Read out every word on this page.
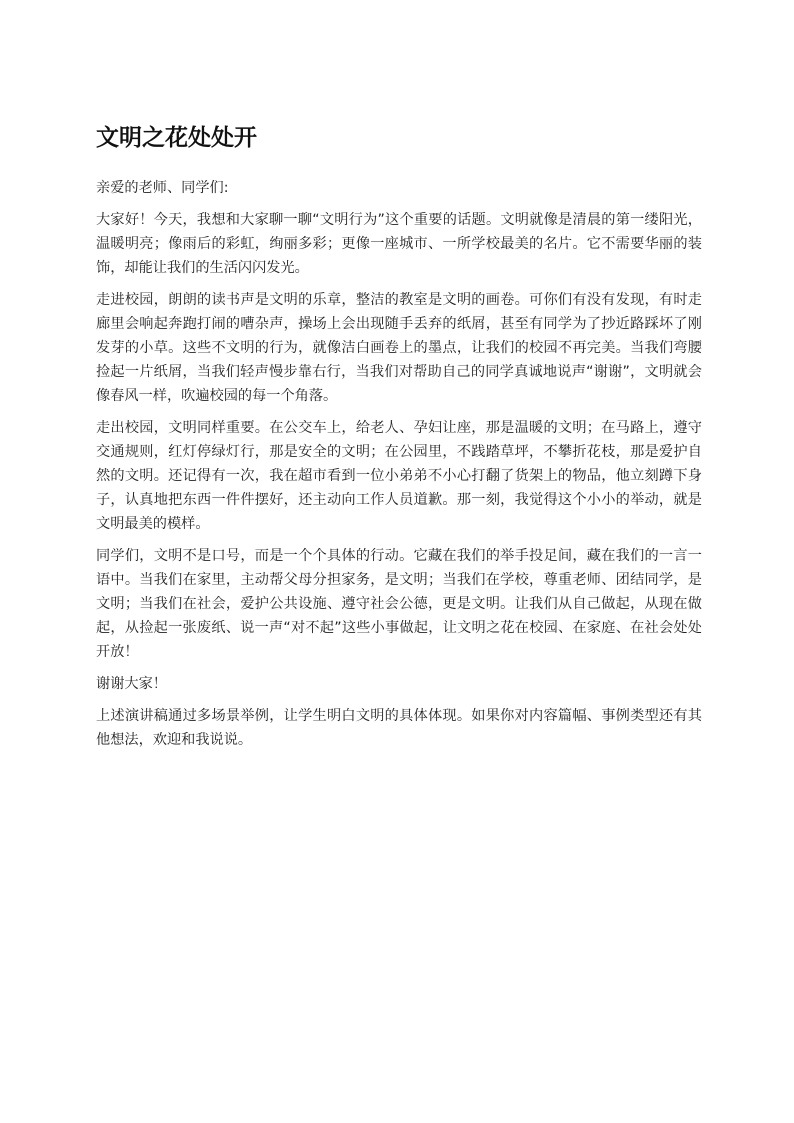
文明之花处处开

亲爱的老师、同学们:

大家好！今天，我想和大家聊一聊“文明行为”这个重要的话题。文明就像是清晨的第一缕阳光，温暖明亮；像雨后的彩虹，绚丽多彩；更像一座城市、一所学校最美的名片。它不需要华丽的装饰，却能让我们的生活闪闪发光。

走进校园，朗朗的读书声是文明的乐章，整洁的教室是文明的画卷。可你们有没有发现，有时走廊里会响起奔跑打闹的嘈杂声，操场上会出现随手丢弃的纸屑，甚至有同学为了抄近路踩坏了刚发芽的小草。这些不文明的行为，就像洁白画卷上的墨点，让我们的校园不再完美。当我们弯腰捡起一片纸屑，当我们轻声慢步靠右行，当我们对帮助自己的同学真诚地说声“谢谢”，文明就会像春风一样，吹遍校园的每一个角落。

走出校园，文明同样重要。在公交车上，给老人、孕妇让座，那是温暖的文明；在马路上，遵守交通规则，红灯停绿灯行，那是安全的文明；在公园里，不践踏草坪，不攀折花枝，那是爱护自然的文明。还记得有一次，我在超市看到一位小弟弟不小心打翻了货架上的物品，他立刻蹲下身子，认真地把东西一件件摆好，还主动向工作人员道歉。那一刻，我觉得这个小小的举动，就是文明最美的模样。

同学们，文明不是口号，而是一个个具体的行动。它藏在我们的举手投足间，藏在我们的一言一语中。当我们在家里，主动帮父母分担家务，是文明；当我们在学校，尊重老师、团结同学，是文明；当我们在社会，爱护公共设施、遵守社会公德，更是文明。让我们从自己做起，从现在做起，从捡起一张废纸、说一声“对不起”这些小事做起，让文明之花在校园、在家庭、在社会处处开放！

谢谢大家！

上述演讲稿通过多场景举例，让学生明白文明的具体体现。如果你对内容篇幅、事例类型还有其他想法，欢迎和我说说。
